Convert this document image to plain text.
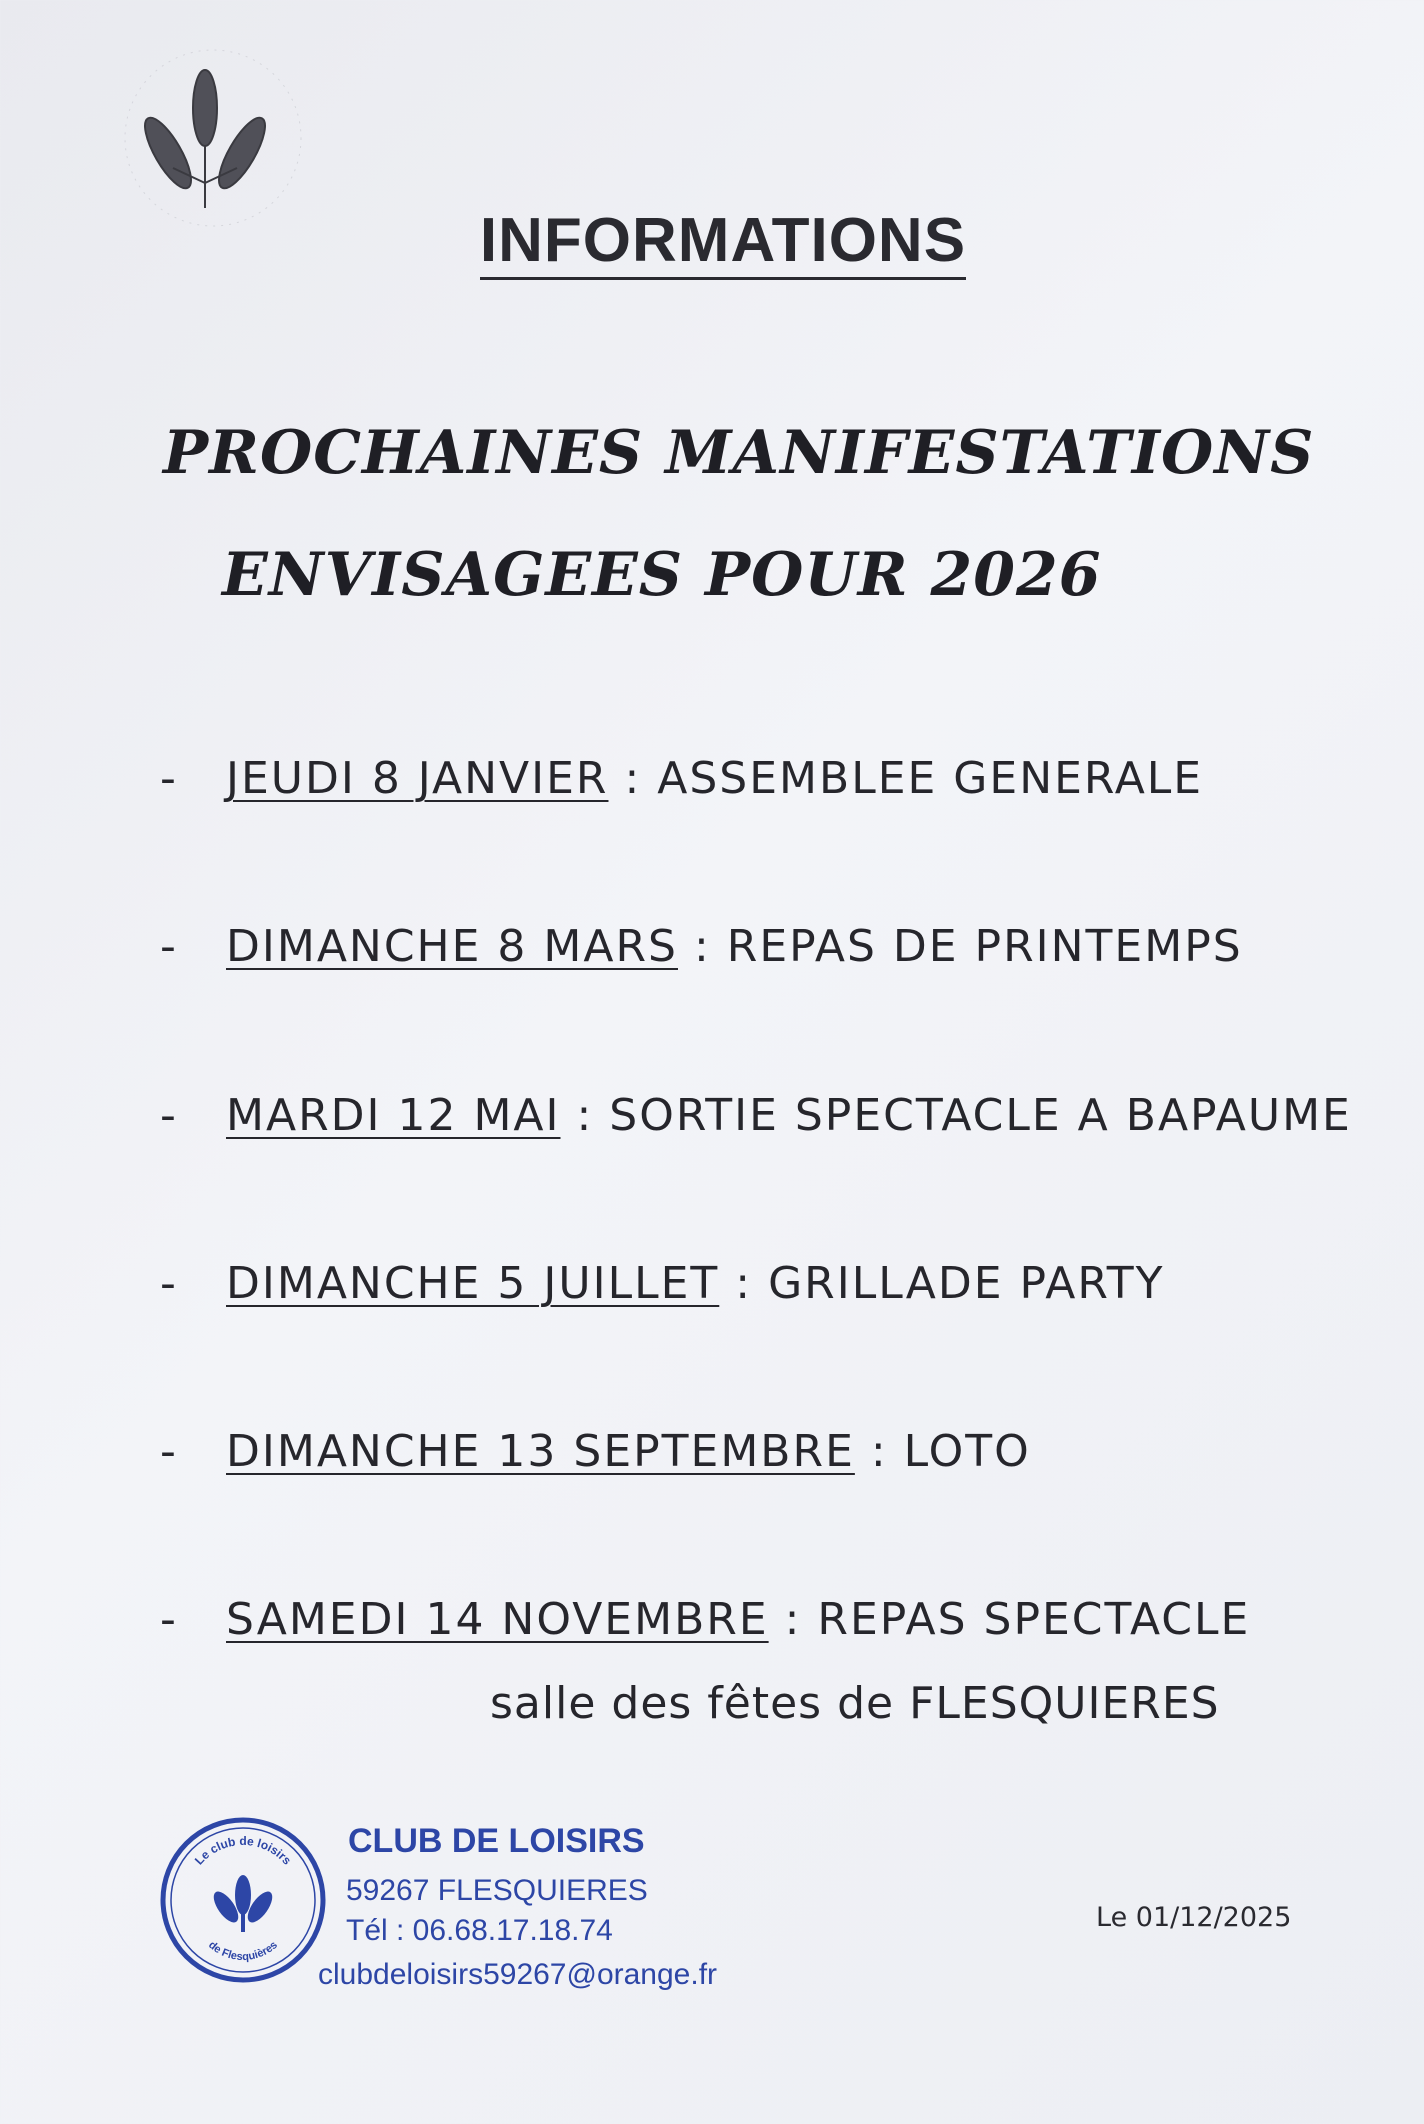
INFORMATIONS
PROCHAINES MANIFESTATIONS
ENVISAGEES POUR 2026
- JEUDI 8 JANVIER : ASSEMBLEE GENERALE
- DIMANCHE 8 MARS : REPAS DE PRINTEMPS
- MARDI 12 MAI : SORTIE SPECTACLE A BAPAUME
- DIMANCHE 5 JUILLET : GRILLADE PARTY
- DIMANCHE 13 SEPTEMBRE : LOTO
- SAMEDI 14 NOVEMBRE : REPAS SPECTACLE
salle des fêtes de FLESQUIERES
Le club de loisirs
de Flesquières
CLUB DE LOISIRS
59267 FLESQUIERES
Tél : 06.68.17.18.74
clubdeloisirs59267@orange.fr
Le 01/12/2025
